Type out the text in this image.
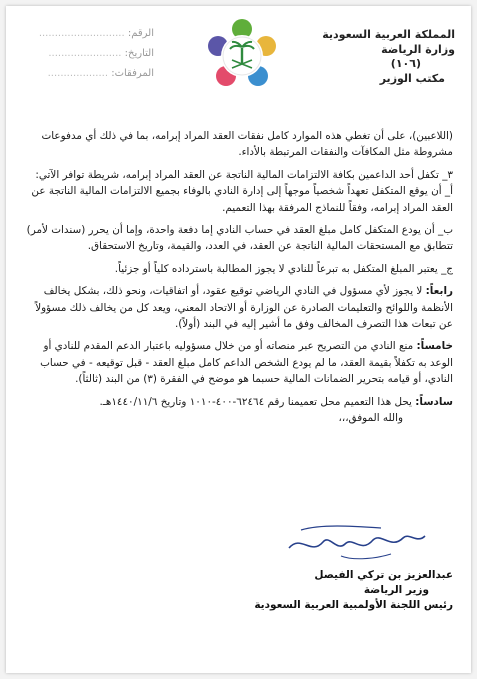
المملكة العربية السعودية
وزارة الرياضة
(١٠٦)
مكتب الوزير
الرقم: ...........................
التاريخ: .......................
المرفقات: ...................

(اللاعبين)، على أن تغطي هذه الموارد كامل نفقات العقد المراد إبرامه، بما في ذلك أي مدفوعات مشروطة مثل المكافآت والنفقات المرتبطة بالأداء.

٣_ تكفل أحد الداعمين بكافة الالتزامات المالية الناتجة عن العقد المراد إبرامه، شريطة توافر الآتي:

أ_ أن يوقع المتكفل تعهداً شخصياً موجهاً إلى إدارة النادي بالوفاء بجميع الالتزامات المالية الناتجة عن العقد المراد إبرامه، وفقاً للنماذج المرفقة بهذا التعميم.

ب_ أن يودع المتكفل كامل مبلغ العقد في حساب النادي إما دفعة واحدة، وإما أن يحرر (سندات لأمر) تتطابق مع المستحقات المالية الناتجة عن العقد، في العدد، والقيمة، وتاريخ الاستحقاق.

ج_ يعتبر المبلغ المتكفل به تبرعاً للنادي لا يجوز المطالبة باسترداده كلياً أو جزئياً.

رابعاً: لا يجوز لأي مسؤول في النادي الرياضي توقيع عقود، أو اتفاقيات، ونحو ذلك، بشكل يخالف الأنظمة واللوائح والتعليمات الصادرة عن الوزارة أو الاتحاد المعني، ويعد كل من يخالف ذلك مسؤولاً عن تبعات هذا التصرف المخالف وفق ما أشير إليه في البند (أولاً).

خامساً: منع النادي من التصريح عبر منصاته أو من خلال مسؤوليه باعتبار الدعم المقدم للنادي أو الوعد به تكفلاً بقيمة العقد، ما لم يودع الشخص الداعم كامل مبلغ العقد - قبل توقيعه - في حساب النادي، أو قيامه بتحرير الضمانات المالية حسبما هو موضح في الفقرة (٣) من البند (ثالثاً).

سادساً: يحل هذا التعميم محل تعميمنا رقم ٦٢٤٦٤-٤٠٠-١٠١٠ وتاريخ ١٤٤٠/١١/٦هـ.

والله الموفق،،،

عبدالعزيز بن تركي الفيصل
وزير الرياضة
رئيس اللجنة الأولمبية العربية السعودية
